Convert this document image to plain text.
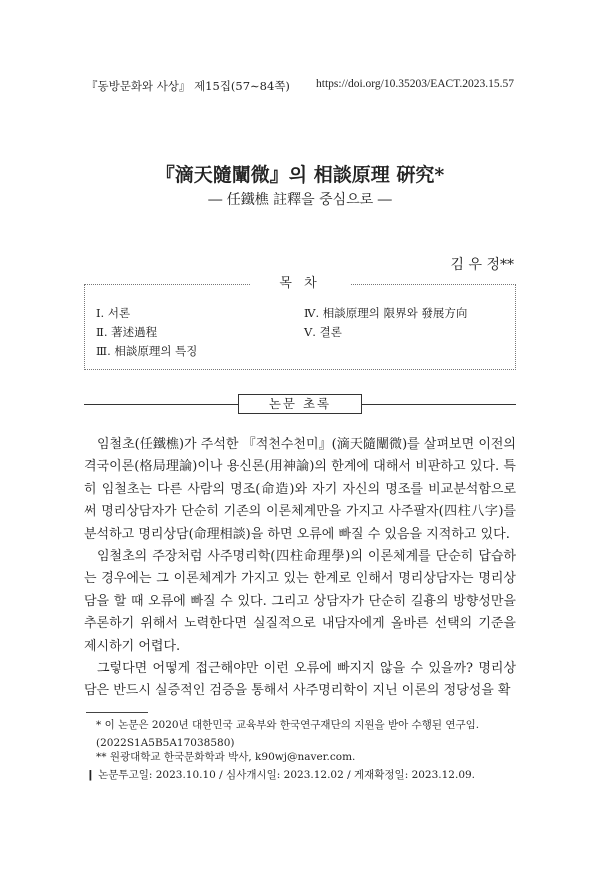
『동방문화와 사상』 제15집(57∼84쪽) https://doi.org/10.35203/EACT.2023.15.57
『滴天隨闡微』의 相談原理 硏究*
― 任鐵樵 註釋을 중심으로 ―
김 우 정**
목 차
Ⅰ. 서론
Ⅱ. 著述過程
Ⅲ. 相談原理의 특징
Ⅳ. 相談原理의 限界와 發展方向
Ⅴ. 결론
논문 초록

임철초(任鐵樵)가 주석한 『적천수천미』(滴天隨闡微)를 살펴보면 이전의 격국이론(格局理論)이나 용신론(用神論)의 한계에 대해서 비판하고 있다. 특히 임철초는 다른 사람의 명조(命造)와 자기 자신의 명조를 비교분석함으로써 명리상담자가 단순히 기존의 이론체계만을 가지고 사주팔자(四柱八字)를 분석하고 명리상담(命理相談)을 하면 오류에 빠질 수 있음을 지적하고 있다.

임철초의 주장처럼 사주명리학(四柱命理學)의 이론체계를 단순히 답습하는 경우에는 그 이론체계가 가지고 있는 한계로 인해서 명리상담자는 명리상담을 할 때 오류에 빠질 수 있다. 그리고 상담자가 단순히 길흉의 방향성만을 추론하기 위해서 노력한다면 실질적으로 내담자에게 올바른 선택의 기준을 제시하기 어렵다.

그렇다면 어떻게 접근해야만 이런 오류에 빠지지 않을 수 있을까? 명리상담은 반드시 실증적인 검증을 통해서 사주명리학이 지닌 이론의 정당성을 확

* 이 논문은 2020년 대한민국 교육부와 한국연구재단의 지원을 받아 수행된 연구임.(2022S1A5B5A17038580)
** 원광대학교 한국문화학과 박사, k90wj@naver.com.
❙ 논문투고일: 2023.10.10 / 심사개시일: 2023.12.02 / 게재확정일: 2023.12.09.
